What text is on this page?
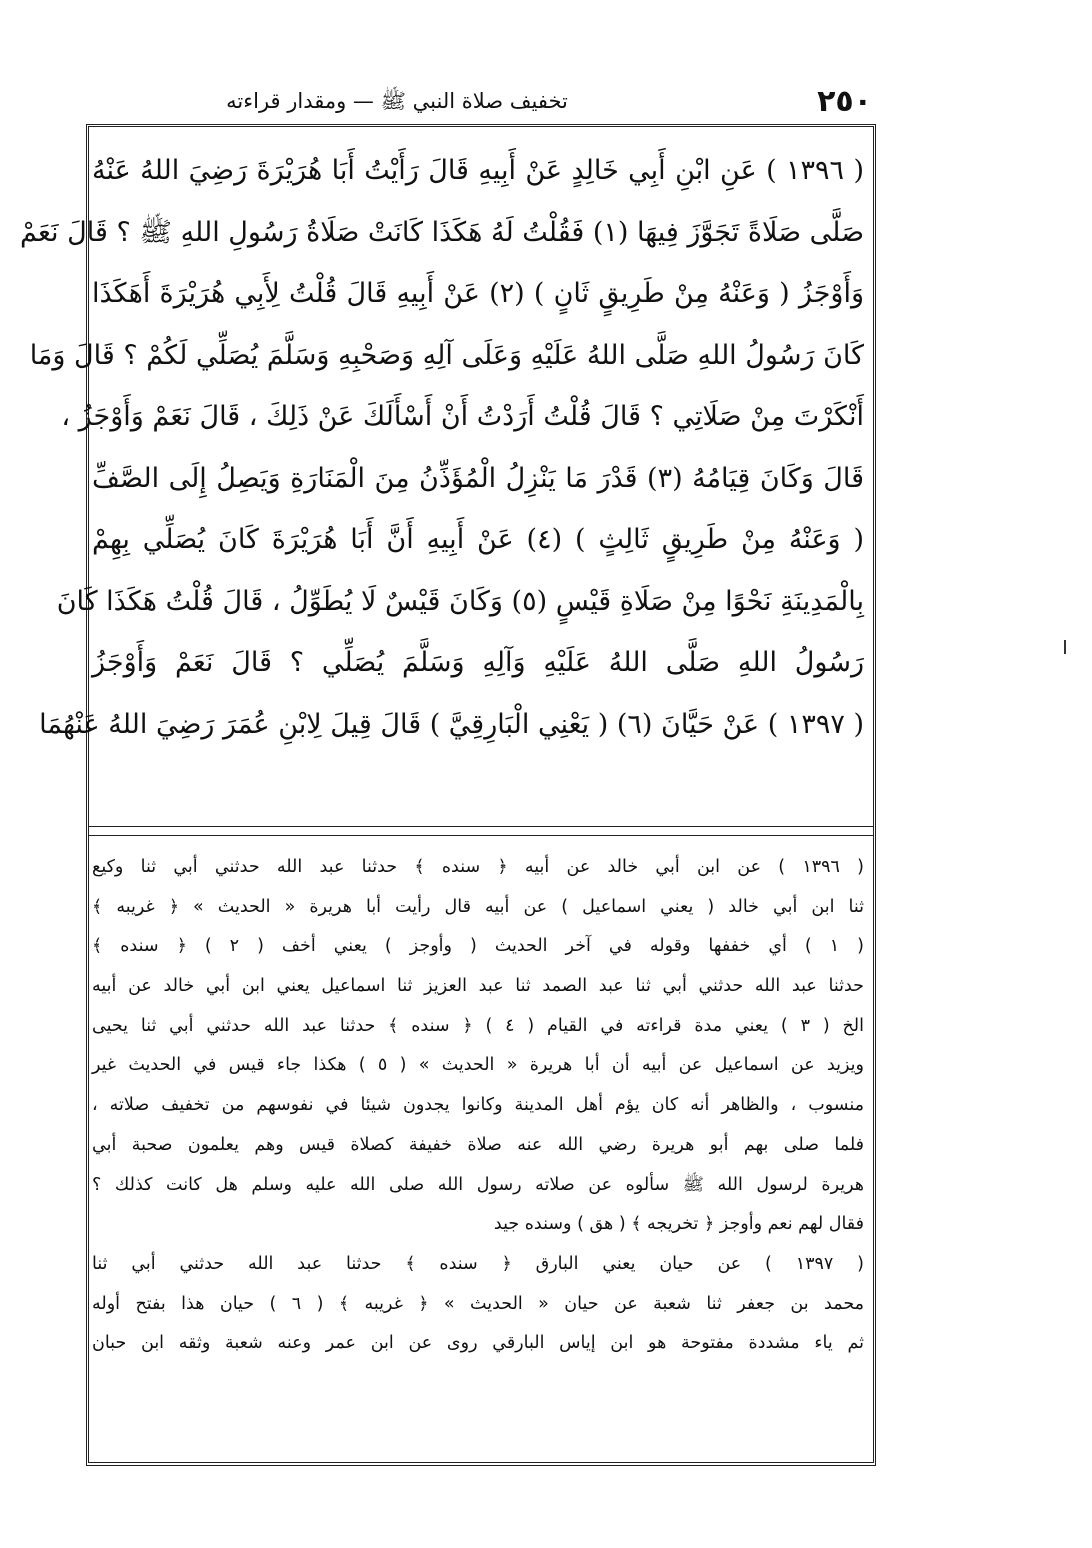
٢٥٠
تخفيف صلاة النبي ﷺ — ومقدار قراءته
( ١٣٩٦ ) عَنِ ابْنِ أَبِي خَالِدٍ عَنْ أَبِيهِ قَالَ رَأَيْتُ أَبَا هُرَيْرَةَ رَضِيَ اللهُ عَنْهُ
صَلَّى صَلَاةً تَجَوَّزَ فِيهَا (١) فَقُلْتُ لَهُ هَكَذَا كَانَتْ صَلَاةُ رَسُولِ اللهِ ﷺ ؟ قَالَ نَعَمْ
وَأَوْجَزُ ( وَعَنْهُ مِنْ طَرِيقٍ ثَانٍ ) (٢) عَنْ أَبِيهِ قَالَ قُلْتُ لِأَبِي هُرَيْرَةَ أَهَكَذَا
كَانَ رَسُولُ اللهِ صَلَّى اللهُ عَلَيْهِ وَعَلَى آلِهِ وَصَحْبِهِ وَسَلَّمَ يُصَلِّي لَكُمْ ؟ قَالَ وَمَا
أَنْكَرْتَ مِنْ صَلَاتِي ؟ قَالَ قُلْتُ أَرَدْتُ أَنْ أَسْأَلَكَ عَنْ ذَلِكَ ، قَالَ نَعَمْ وَأَوْجَزُ ،
قَالَ وَكَانَ قِيَامُهُ (٣) قَدْرَ مَا يَنْزِلُ الْمُؤَذِّنُ مِنَ الْمَنَارَةِ وَيَصِلُ إِلَى الصَّفِّ
( وَعَنْهُ مِنْ طَرِيقٍ ثَالِثٍ ) (٤) عَنْ أَبِيهِ أَنَّ أَبَا هُرَيْرَةَ كَانَ يُصَلِّي بِهِمْ
بِالْمَدِينَةِ نَحْوًا مِنْ صَلَاةِ قَيْسٍ (٥) وَكَانَ قَيْسٌ لَا يُطَوِّلُ ، قَالَ قُلْتُ هَكَذَا كَانَ
رَسُولُ اللهِ صَلَّى اللهُ عَلَيْهِ وَآلِهِ وَسَلَّمَ يُصَلِّي ؟ قَالَ نَعَمْ وَأَوْجَزُ
( ١٣٩٧ ) عَنْ حَيَّانَ (٦) ( يَعْنِي الْبَارِقِيَّ ) قَالَ قِيلَ لِابْنِ عُمَرَ رَضِيَ اللهُ عَنْهُمَا
( ١٣٩٦ ) عن ابن أبي خالد عن أبيه ﴿ سنده ﴾ حدثنا عبد الله حدثني أبي ثنا وكيع
ثنا ابن أبي خالد ( يعني اسماعيل ) عن أبيه قال رأيت أبا هريرة « الحديث » ﴿ غريبه ﴾
( ١ ) أي خففها وقوله في آخر الحديث ( وأوجز ) يعني أخف ( ٢ ) ﴿ سنده ﴾
حدثنا عبد الله حدثني أبي ثنا عبد الصمد ثنا عبد العزيز ثنا اسماعيل يعني ابن أبي خالد عن أبيه
الخ ( ٣ ) يعني مدة قراءته في القيام ( ٤ ) ﴿ سنده ﴾ حدثنا عبد الله حدثني أبي ثنا يحيى
ويزيد عن اسماعيل عن أبيه أن أبا هريرة « الحديث » ( ٥ ) هكذا جاء قيس في الحديث غير
منسوب ، والظاهر أنه كان يؤم أهل المدينة وكانوا يجدون شيئا في نفوسهم من تخفيف صلاته ،
فلما صلى بهم أبو هريرة رضي الله عنه صلاة خفيفة كصلاة قيس وهم يعلمون صحبة أبي
هريرة لرسول الله ﷺ سألوه عن صلاته رسول الله صلى الله عليه وسلم هل كانت كذلك ؟
فقال لهم نعم وأوجز ﴿ تخريجه ﴾ ( هق ) وسنده جيد
( ١٣٩٧ ) عن حيان يعني البارق ﴿ سنده ﴾ حدثنا عبد الله حدثني أبي ثنا
محمد بن جعفر ثنا شعبة عن حيان « الحديث » ﴿ غريبه ﴾ ( ٦ ) حيان هذا بفتح أوله
ثم ياء مشددة مفتوحة هو ابن إياس البارقي روى عن ابن عمر وعنه شعبة وثقه ابن حبان
